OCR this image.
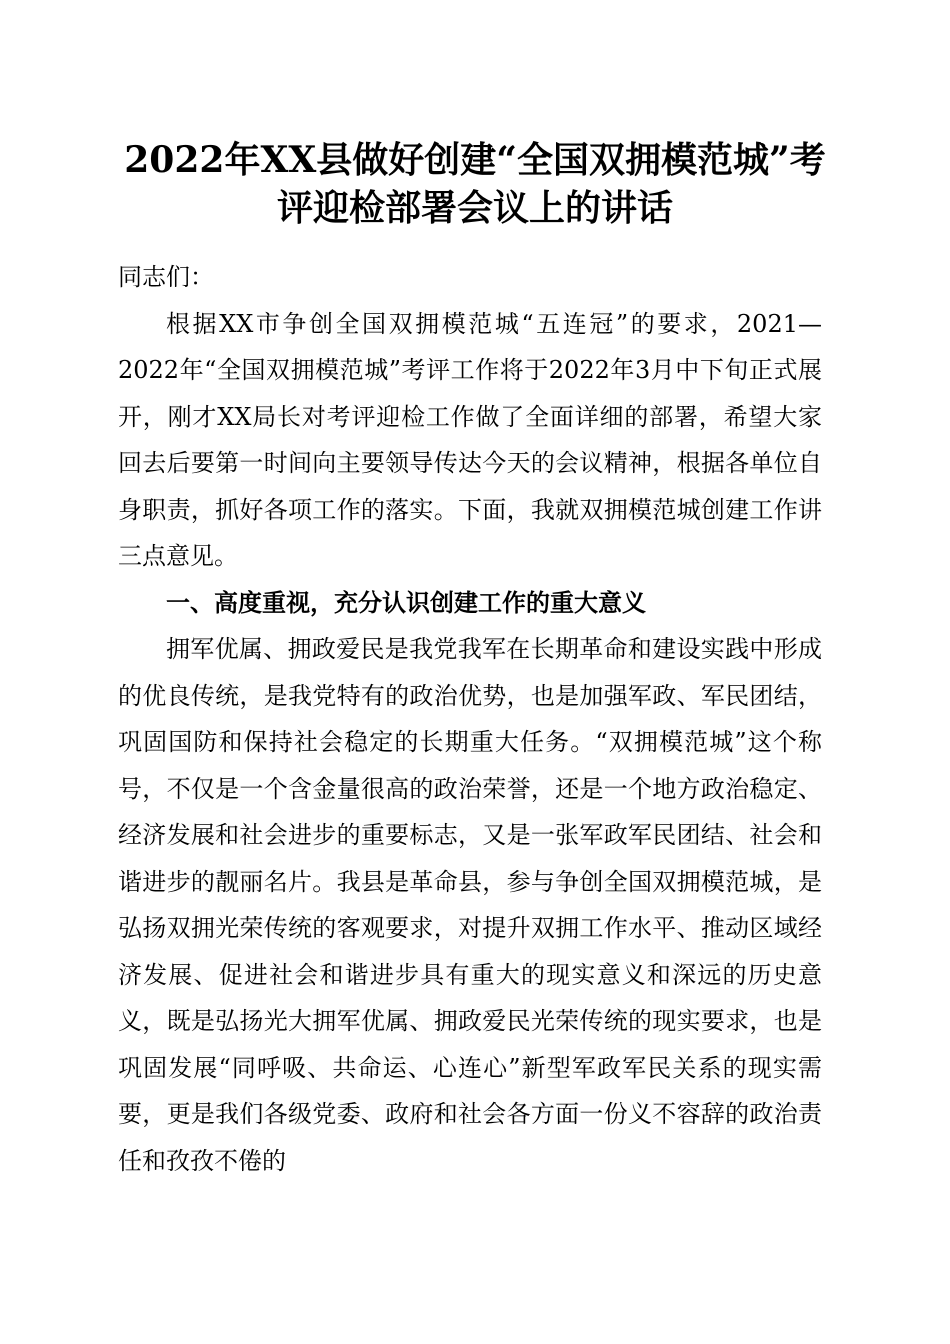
2022年XX县做好创建“全国双拥模范城”考
评迎检部署会议上的讲话

同志们：

根据XX市争创全国双拥模范城“五连冠”的要求，2021—2022年“全国双拥模范城”考评工作将于2022年3月中下旬正式展开，刚才XX局长对考评迎检工作做了全面详细的部署，希望大家回去后要第一时间向主要领导传达今天的会议精神，根据各单位自身职责，抓好各项工作的落实。下面，我就双拥模范城创建工作讲三点意见。

一、高度重视，充分认识创建工作的重大意义

拥军优属、拥政爱民是我党我军在长期革命和建设实践中形成的优良传统，是我党特有的政治优势，也是加强军政、军民团结，巩固国防和保持社会稳定的长期重大任务。“双拥模范城”这个称号，不仅是一个含金量很高的政治荣誉，还是一个地方政治稳定、经济发展和社会进步的重要标志，又是一张军政军民团结、社会和谐进步的靓丽名片。我县是革命县，参与争创全国双拥模范城，是弘扬双拥光荣传统的客观要求，对提升双拥工作水平、推动区域经济发展、促进社会和谐进步具有重大的现实意义和深远的历史意义，既是弘扬光大拥军优属、拥政爱民光荣传统的现实要求，也是巩固发展“同呼吸、共命运、心连心”新型军政军民关系的现实需要，更是我们各级党委、政府和社会各方面一份义不容辞的政治责任和孜孜不倦的
